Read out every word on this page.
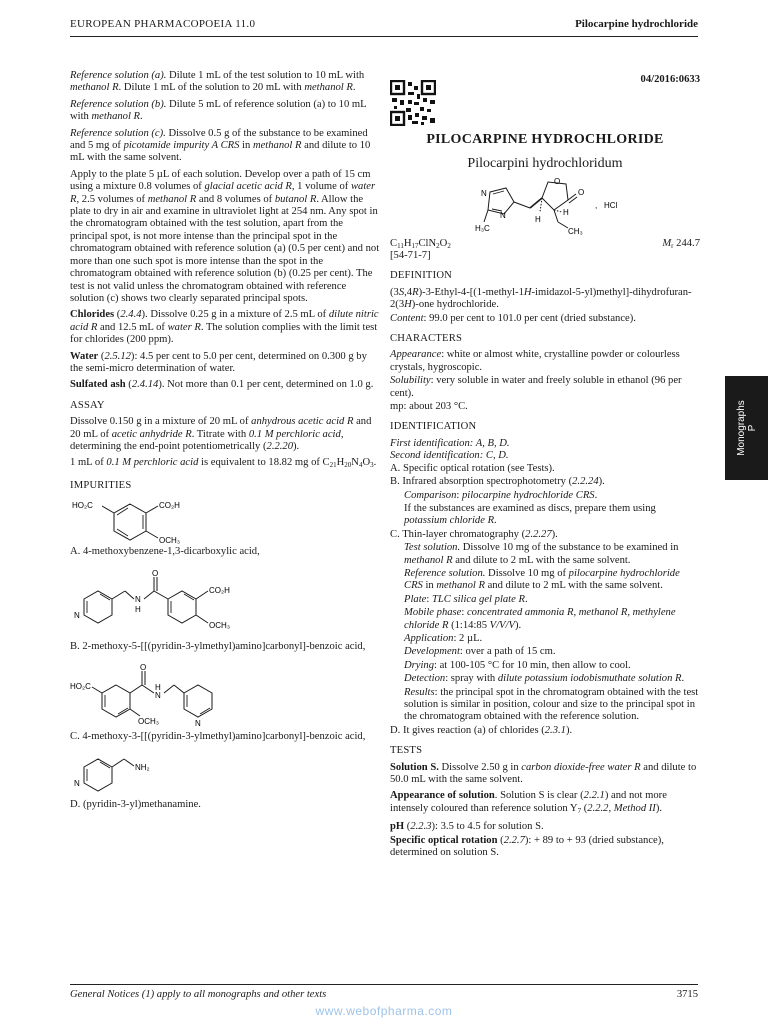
EUROPEAN PHARMACOPOEIA 11.0	Pilocarpine hydrochloride

Reference solution (a). Dilute 1 mL of the test solution to 10 mL with methanol R. Dilute 1 mL of the solution to 20 mL with methanol R.

Reference solution (b). Dilute 5 mL of reference solution (a) to 10 mL with methanol R.

Reference solution (c). Dissolve 0.5 g of the substance to be examined and 5 mg of picotamide impurity A CRS in methanol R and dilute to 10 mL with the same solvent.

Apply to the plate 5 µL of each solution. Develop over a path of 15 cm using a mixture 0.8 volumes of glacial acetic acid R, 1 volume of water R, 2.5 volumes of methanol R and 8 volumes of butanol R. Allow the plate to dry in air and examine in ultraviolet light at 254 nm. Any spot in the chromatogram obtained with the test solution, apart from the principal spot, is not more intense than the principal spot in the chromatogram obtained with reference solution (a) (0.5 per cent) and not more than one such spot is more intense than the spot in the chromatogram obtained with reference solution (b) (0.25 per cent). The test is not valid unless the chromatogram obtained with reference solution (c) shows two clearly separated principal spots.

Chlorides (2.4.4). Dissolve 0.25 g in a mixture of 2.5 mL of dilute nitric acid R and 12.5 mL of water R. The solution complies with the limit test for chlorides (200 ppm).

Water (2.5.12): 4.5 per cent to 5.0 per cent, determined on 0.300 g by the semi-micro determination of water.

Sulfated ash (2.4.14). Not more than 0.1 per cent, determined on 1.0 g.

ASSAY

Dissolve 0.150 g in a mixture of 20 mL of anhydrous acetic acid R and 20 mL of acetic anhydride R. Titrate with 0.1 M perchloric acid, determining the end-point potentiometrically (2.2.20).

1 mL of 0.1 M perchloric acid is equivalent to 18.82 mg of $C_{21}H_{20}N_4O_3$.

IMPURITIES
HO₂C	CO₂H
OCH₃

A. 4-methoxybenzene-1,3-dicarboxylic acid,

N
O
N
H
CO₂H
OCH₃

B. 2-methoxy-5-[[(pyridin-3-ylmethyl)amino]carbonyl]-benzoic acid,

HO₂C
O
H
N
OCH₃	N

C. 4-methoxy-3-[[(pyridin-3-ylmethyl)amino]carbonyl]-benzoic acid,

N
NH₂

D. (pyridin-3-yl)methanamine.

04/2016:0633
PILOCARPINE HYDROCHLORIDE
Pilocarpini hydrochloridum
N
N
H₃C
O
O
H
H
CH₃
, HCl
$C_{11}H_{17}ClN_2O_2$	$M_r$ 244.7

[54-71-7]

DEFINITION

(3S,4R)-3-Ethyl-4-[(1-methyl-1H-imidazol-5-yl)methyl]-dihydrofuran-2(3H)-one hydrochloride.

Content: 99.0 per cent to 101.0 per cent (dried substance).

CHARACTERS

Appearance: white or almost white, crystalline powder or colourless crystals, hygroscopic.

Solubility: very soluble in water and freely soluble in ethanol (96 per cent).

mp: about 203 °C.

IDENTIFICATION

First identification: A, B, D.

Second identification: C, D.

A. Specific optical rotation (see Tests).

B. Infrared absorption spectrophotometry (2.2.24).

Comparison: pilocarpine hydrochloride CRS.

If the substances are examined as discs, prepare them using potassium chloride R.

C. Thin-layer chromatography (2.2.27).

Test solution. Dissolve 10 mg of the substance to be examined in methanol R and dilute to 2 mL with the same solvent.

Reference solution. Dissolve 10 mg of pilocarpine hydrochloride CRS in methanol R and dilute to 2 mL with the same solvent.

Plate: TLC silica gel plate R.

Mobile phase: concentrated ammonia R, methanol R, methylene chloride R (1:14:85 V/V/V).

Application: 2 µL.

Development: over a path of 15 cm.

Drying: at 100-105 °C for 10 min, then allow to cool.

Detection: spray with dilute potassium iodobismuthate solution R.

Results: the principal spot in the chromatogram obtained with the test solution is similar in position, colour and size to the principal spot in the chromatogram obtained with the reference solution.

D. It gives reaction (a) of chlorides (2.3.1).

TESTS

Solution S. Dissolve 2.50 g in carbon dioxide-free water R and dilute to 50.0 mL with the same solvent.

Appearance of solution. Solution S is clear (2.2.1) and not more intensely coloured than reference solution $Y_7$ (2.2.2, Method II).

pH (2.2.3): 3.5 to 4.5 for solution S.

Specific optical rotation (2.2.7): + 89 to + 93 (dried substance), determined on solution S.

Monographs P
General Notices (1) apply to all monographs and other texts	3715
www.webofpharma.com
